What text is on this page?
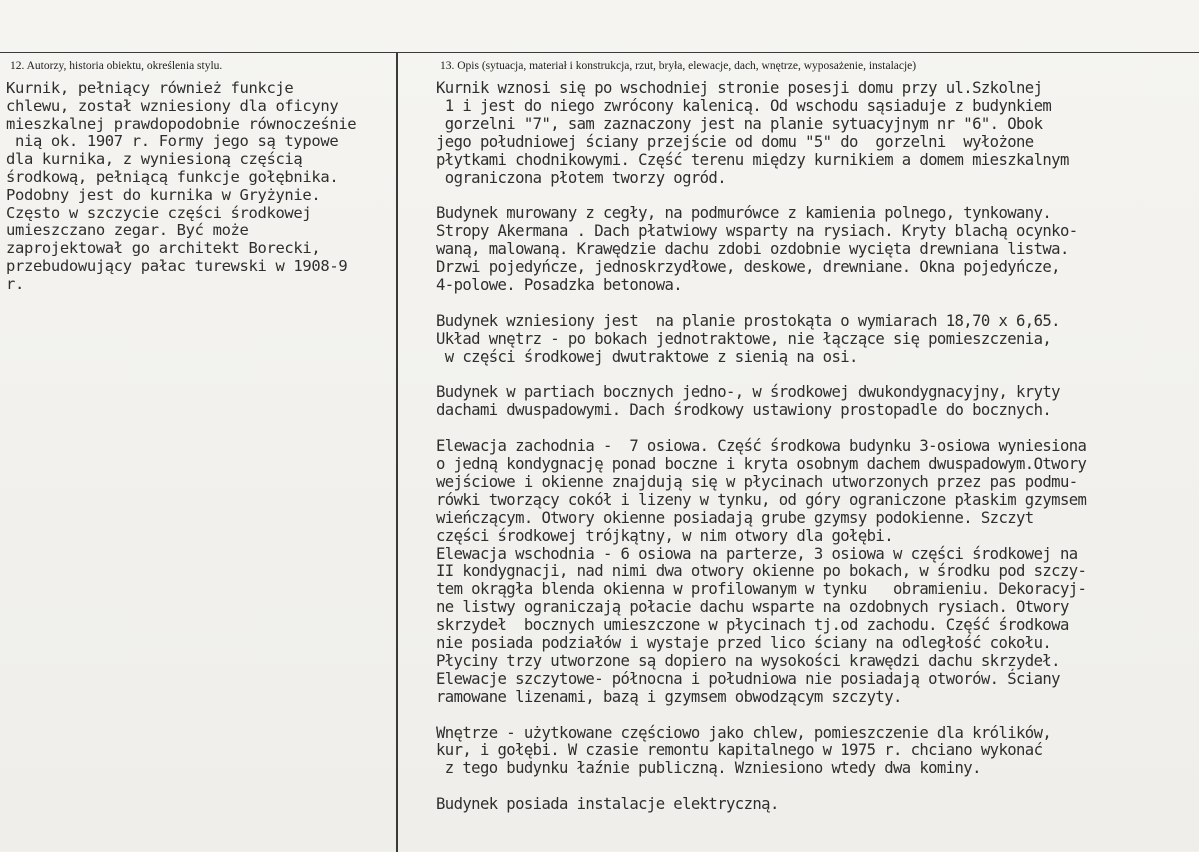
12. Autorzy, historia obiektu, określenia stylu.	13. Opis (sytuacja, materiał i konstrukcja, rzut, bryła, elewacje, dach, wnętrze, wyposażenie, instalacje)
Kurnik, pełniący również funkcje
chlewu, został wzniesiony dla oficyny
mieszkalnej prawdopodobnie równocześnie
nią ok. 1907 r. Formy jego są typowe
dla kurnika, z wyniesioną częścią
środkową, pełniącą funkcje gołębnika.
Podobny jest do kurnika w Gryżynie.
Często w szczycie części środkowej
umieszczano zegar. Być może
zaprojektował go architekt Borecki,
przebudowujący pałac turewski w 1908-9
r.
Kurnik wznosi się po wschodniej stronie posesji domu przy ul.Szkolnej
1 i jest do niego zwrócony kalenicą. Od wschodu sąsiaduje z budynkiem
gorzelni "7", sam zaznaczony jest na planie sytuacyjnym nr "6". Obok
jego południowej ściany przejście od domu "5" do  gorzelni  wyłożone
płytkami chodnikowymi. Część terenu między kurnikiem a domem mieszkalnym
ograniczona płotem tworzy ogród.
Budynek murowany z cegły, na podmurówce z kamienia polnego, tynkowany.
Stropy Akermana . Dach płatwiowy wsparty na rysiach. Kryty blachą ocynko-
waną, malowaną. Krawędzie dachu zdobi ozdobnie wycięta drewniana listwa.
Drzwi pojedyńcze, jednoskrzydłowe, deskowe, drewniane. Okna pojedyńcze,
4-polowe. Posadzka betonowa.
Budynek wzniesiony jest  na planie prostokąta o wymiarach 18,70 x 6,65.
Układ wnętrz - po bokach jednotraktowe, nie łączące się pomieszczenia,
w części środkowej dwutraktowe z sienią na osi.
Budynek w partiach bocznych jedno-, w środkowej dwukondygnacyjny, kryty
dachami dwuspadowymi. Dach środkowy ustawiony prostopadle do bocznych.
Elewacja zachodnia -  7 osiowa. Część środkowa budynku 3-osiowa wyniesiona
o jedną kondygnację ponad boczne i kryta osobnym dachem dwuspadowym.Otwory
wejściowe i okienne znajdują się w płycinach utworzonych przez pas podmu-
rówki tworzący cokół i lizeny w tynku, od góry ograniczone płaskim gzymsem
wieńczącym. Otwory okienne posiadają grube gzymsy podokienne. Szczyt
części środkowej trójkątny, w nim otwory dla gołębi.
Elewacja wschodnia - 6 osiowa na parterze, 3 osiowa w części środkowej na
II kondygnacji, nad nimi dwa otwory okienne po bokach, w środku pod szczy-
tem okrągła blenda okienna w profilowanym w tynku   obramieniu. Dekoracyj-
ne listwy ograniczają połacie dachu wsparte na ozdobnych rysiach. Otwory
skrzydeł  bocznych umieszczone w płycinach tj.od zachodu. Część środkowa
nie posiada podziałów i wystaje przed lico ściany na odległość cokołu.
Płyciny trzy utworzone są dopiero na wysokości krawędzi dachu skrzydeł.
Elewacje szczytowe- północna i południowa nie posiadają otworów. Ściany
ramowane lizenami, bazą i gzymsem obwodzącym szczyty.
Wnętrze - użytkowane częściowo jako chlew, pomieszczenie dla królików,
kur, i gołębi. W czasie remontu kapitalnego w 1975 r. chciano wykonać
z tego budynku łaźnie publiczną. Wzniesiono wtedy dwa kominy.
Budynek posiada instalacje elektryczną.
